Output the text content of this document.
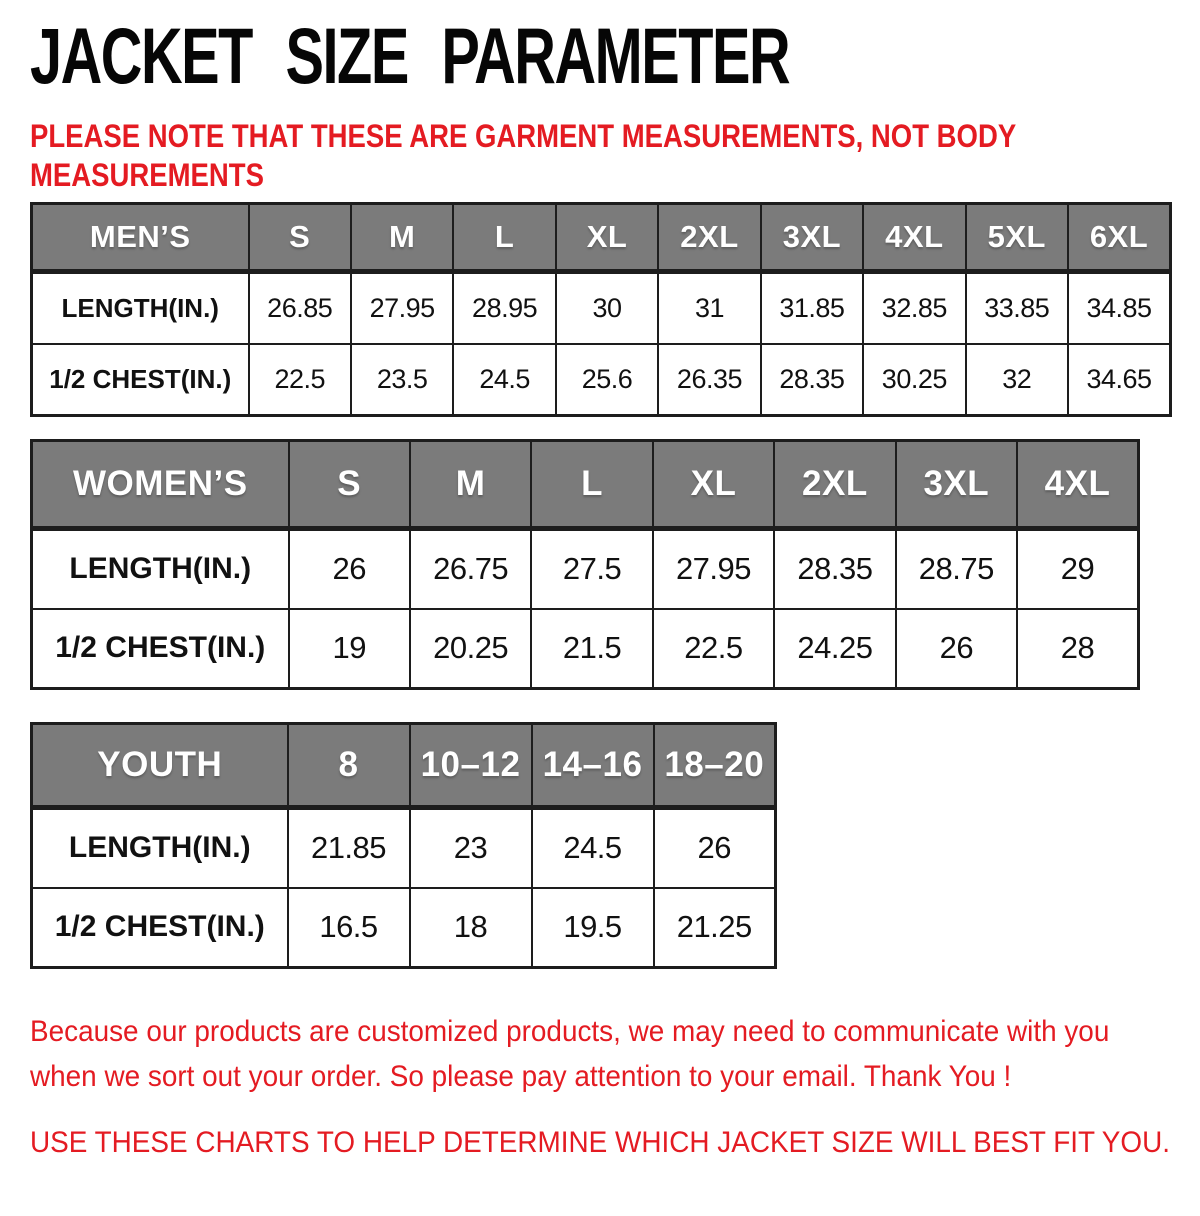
JACKET SIZE PARAMETER
PLEASE NOTE THAT THESE ARE GARMENT MEASUREMENTS, NOT BODY
MEASUREMENTS
MEN’S	S	M	L	XL	2XL	3XL	4XL	5XL	6XL
LENGTH(IN.)	26.85	27.95	28.95	30	31	31.85	32.85	33.85	34.85
1/2 CHEST(IN.)	22.5	23.5	24.5	25.6	26.35	28.35	30.25	32	34.65
WOMEN’S	S	M	L	XL	2XL	3XL	4XL
LENGTH(IN.)	26	26.75	27.5	27.95	28.35	28.75	29
1/2 CHEST(IN.)	19	20.25	21.5	22.5	24.25	26	28
YOUTH	8	10–12	14–16	18–20
LENGTH(IN.)	21.85	23	24.5	26
1/2 CHEST(IN.)	16.5	18	19.5	21.25
Because our products are customized products, we may need to communicate with you
when we sort out your order. So please pay attention to your email. Thank You !
USE THESE CHARTS TO HELP DETERMINE WHICH JACKET SIZE WILL BEST FIT YOU.
